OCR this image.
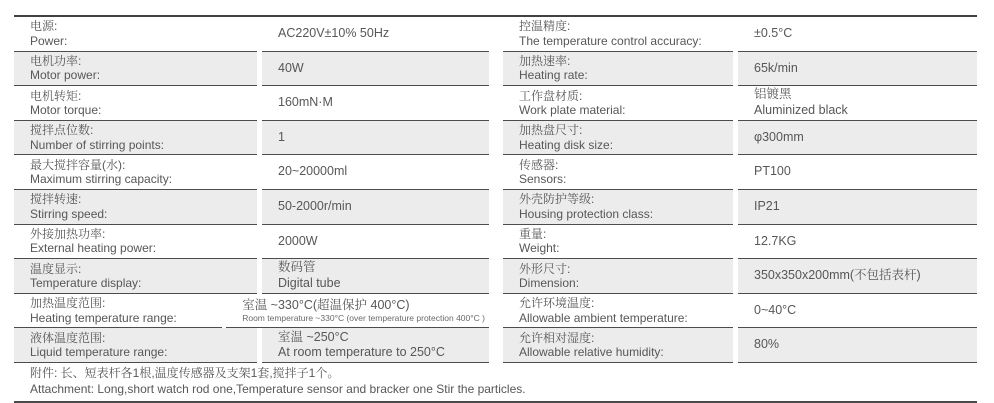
电源:
Power:
AC220V±10% 50Hz
电机功率:
Motor power:
40W
电机转矩:
Motor torque:
160mN·M
搅拌点位数:
Number of stirring points:
1
最大搅拌容量(水):
Maximum stirring capacity:
20~20000ml
搅拌转速:
Stirring speed:
50-2000r/min
外接加热功率:
External heating power:
2000W
温度显示:
Temperature display:
数码管
Digital tube
加热温度范围:
Heating temperature range:
室温 ~330°C(超温保护 400°C)
Room temperature ~330°C (over temperature protection 400°C )
液体温度范围:
Liquid temperature range:
室温 ~250°C
At room temperature to 250°C
控温精度:
The temperature control accuracy:
±0.5°C
加热速率:
Heating rate:
65k/min
工作盘材质:
Work plate material:
铝镀黑
Aluminized black
加热盘尺寸:
Heating disk size:
φ300mm
传感器:
Sensors:
PT100
外壳防护等级:
Housing protection class:
IP21
重量:
Weight:
12.7KG
外形尺寸:
Dimension:
350x350x200mm(不包括表杆)
允许环境温度:
Allowable ambient temperature:
0~40°C
允许相对湿度:
Allowable relative humidity:
80%
附件: 长、短表杆各1根,温度传感器及支架1套,搅拌子1个。
Attachment: Long,short watch rod one,Temperature sensor and bracker one Stir the particles.
